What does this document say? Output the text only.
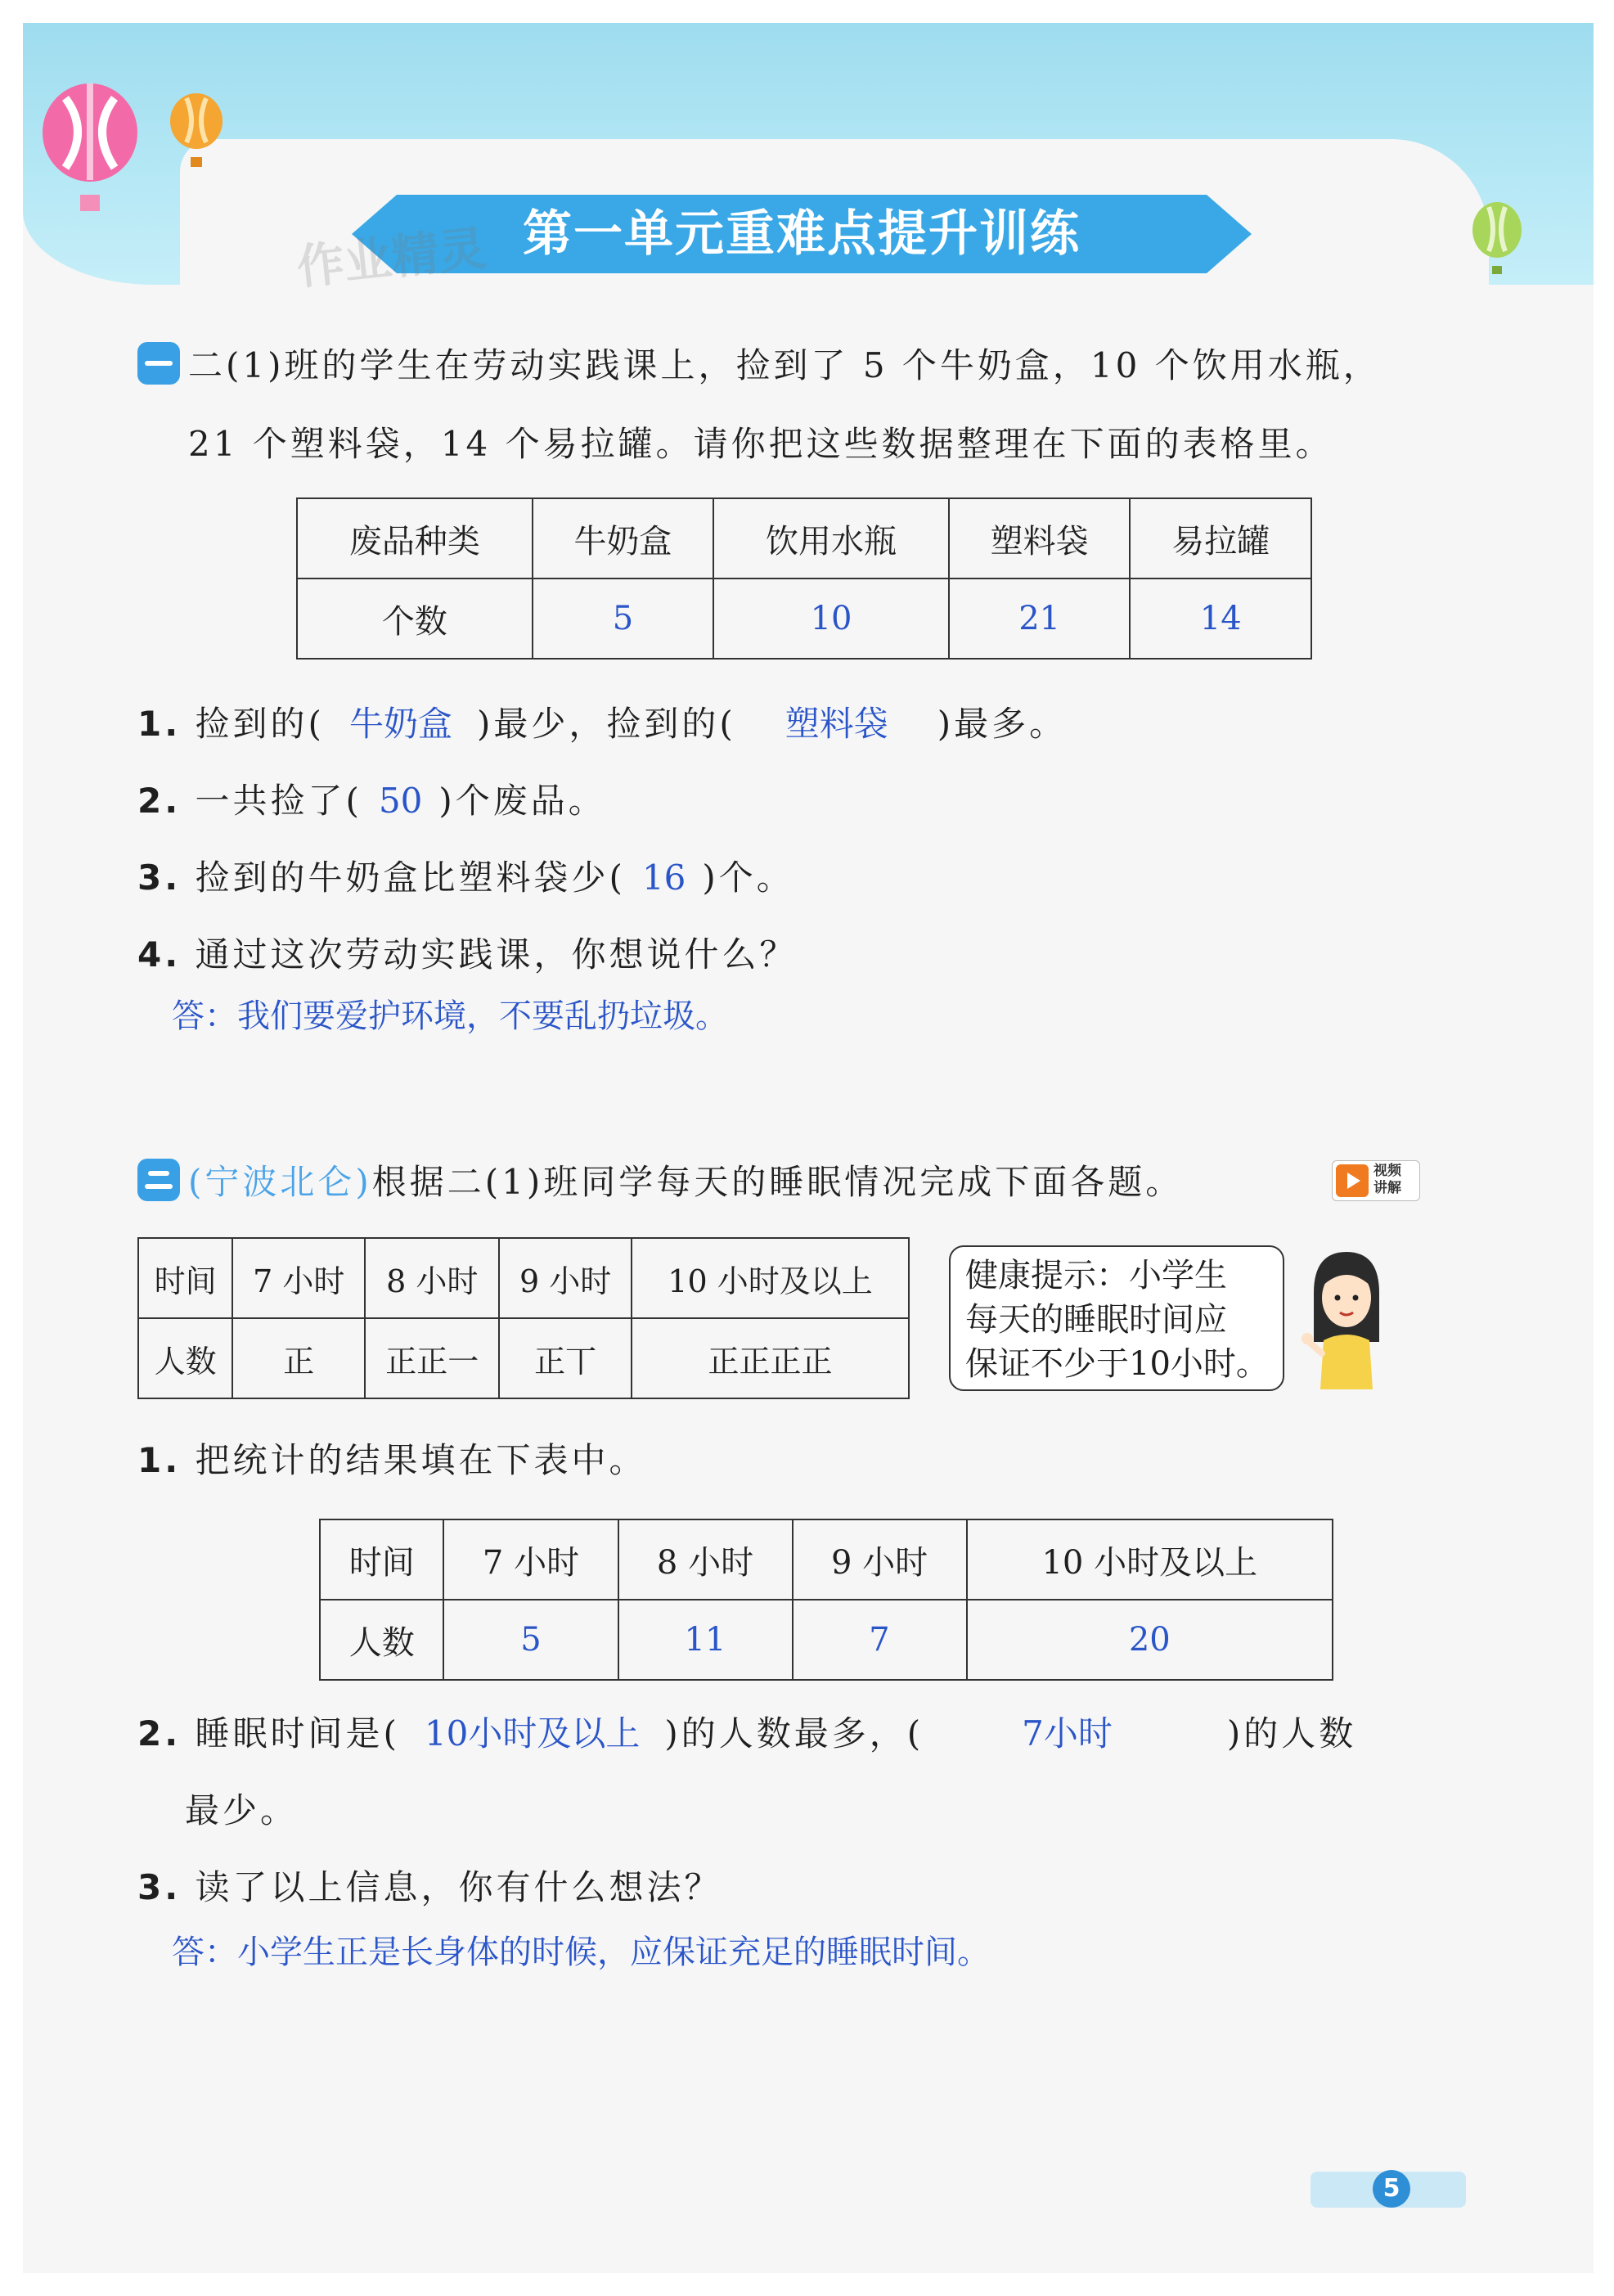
第一单元重难点提升训练
作业精灵
二(1)班的学生在劳动实践课上，捡到了 5 个牛奶盒，10 个饮用水瓶，
21 个塑料袋，14 个易拉罐。请你把这些数据整理在下面的表格里。
废品种类	牛奶盒	饮用水瓶	塑料袋	易拉罐
个数	5	10	21	14
1. 捡到的( 牛奶盒 )最少，捡到的( 塑料袋 )最多。
2. 一共捡了( 50 )个废品。
3. 捡到的牛奶盒比塑料袋少( 16 )个。
4. 通过这次劳动实践课，你想说什么？
答：我们要爱护环境，不要乱扔垃圾。
(宁波北仑)根据二(1)班同学每天的睡眠情况完成下面各题。	视频
讲解
时间	7 小时	8 小时	9 小时	10 小时及以上
人数	正	正正一	正丅	正正正正
健康提示：小学生
每天的睡眠时间应
保证不少于10小时。
1. 把统计的结果填在下表中。
时间	7 小时	8 小时	9 小时	10 小时及以上
人数	5	11	7	20
2. 睡眠时间是( 10小时及以上 )的人数最多，(	7小时	)的人数
最少。
3. 读了以上信息，你有什么想法？
答：小学生正是长身体的时候，应保证充足的睡眠时间。
5
